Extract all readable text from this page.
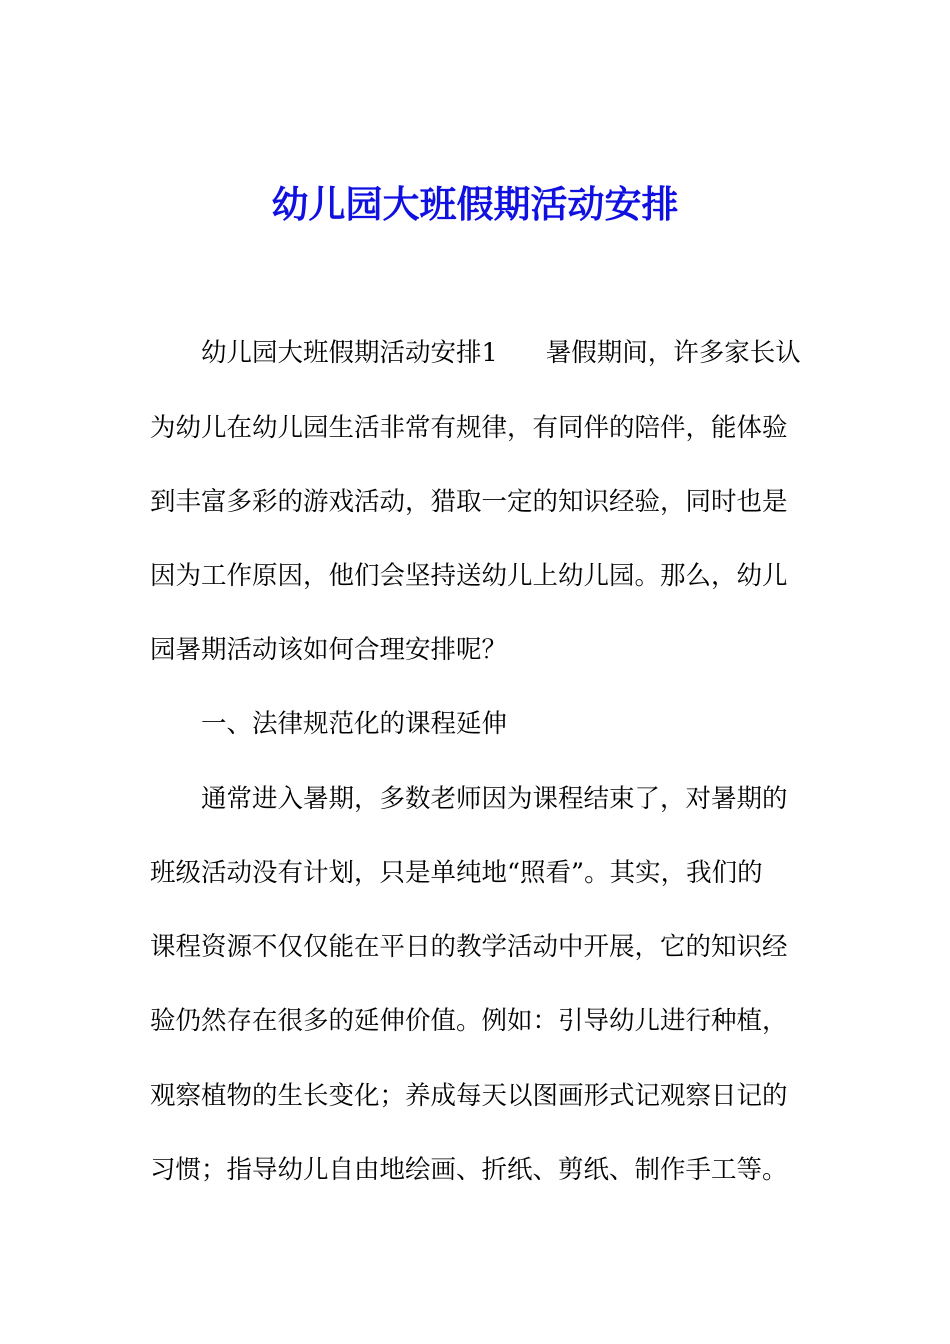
幼儿园大班假期活动安排

幼儿园大班假期活动安排1 暑假期间，许多家长认

为幼儿在幼儿园生活非常有规律，有同伴的陪伴，能体验

到丰富多彩的游戏活动，猎取一定的知识经验，同时也是

因为工作原因，他们会坚持送幼儿上幼儿园。那么，幼儿

园暑期活动该如何合理安排呢？

一、法律规范化的课程延伸

通常进入暑期，多数老师因为课程结束了，对暑期的

班级活动没有计划，只是单纯地“照看”。其实，我们的

课程资源不仅仅能在平日的教学活动中开展，它的知识经

验仍然存在很多的延伸价值。例如：引导幼儿进行种植，

观察植物的生长变化；养成每天以图画形式记观察日记的

习惯；指导幼儿自由地绘画、折纸、剪纸、制作手工等。
